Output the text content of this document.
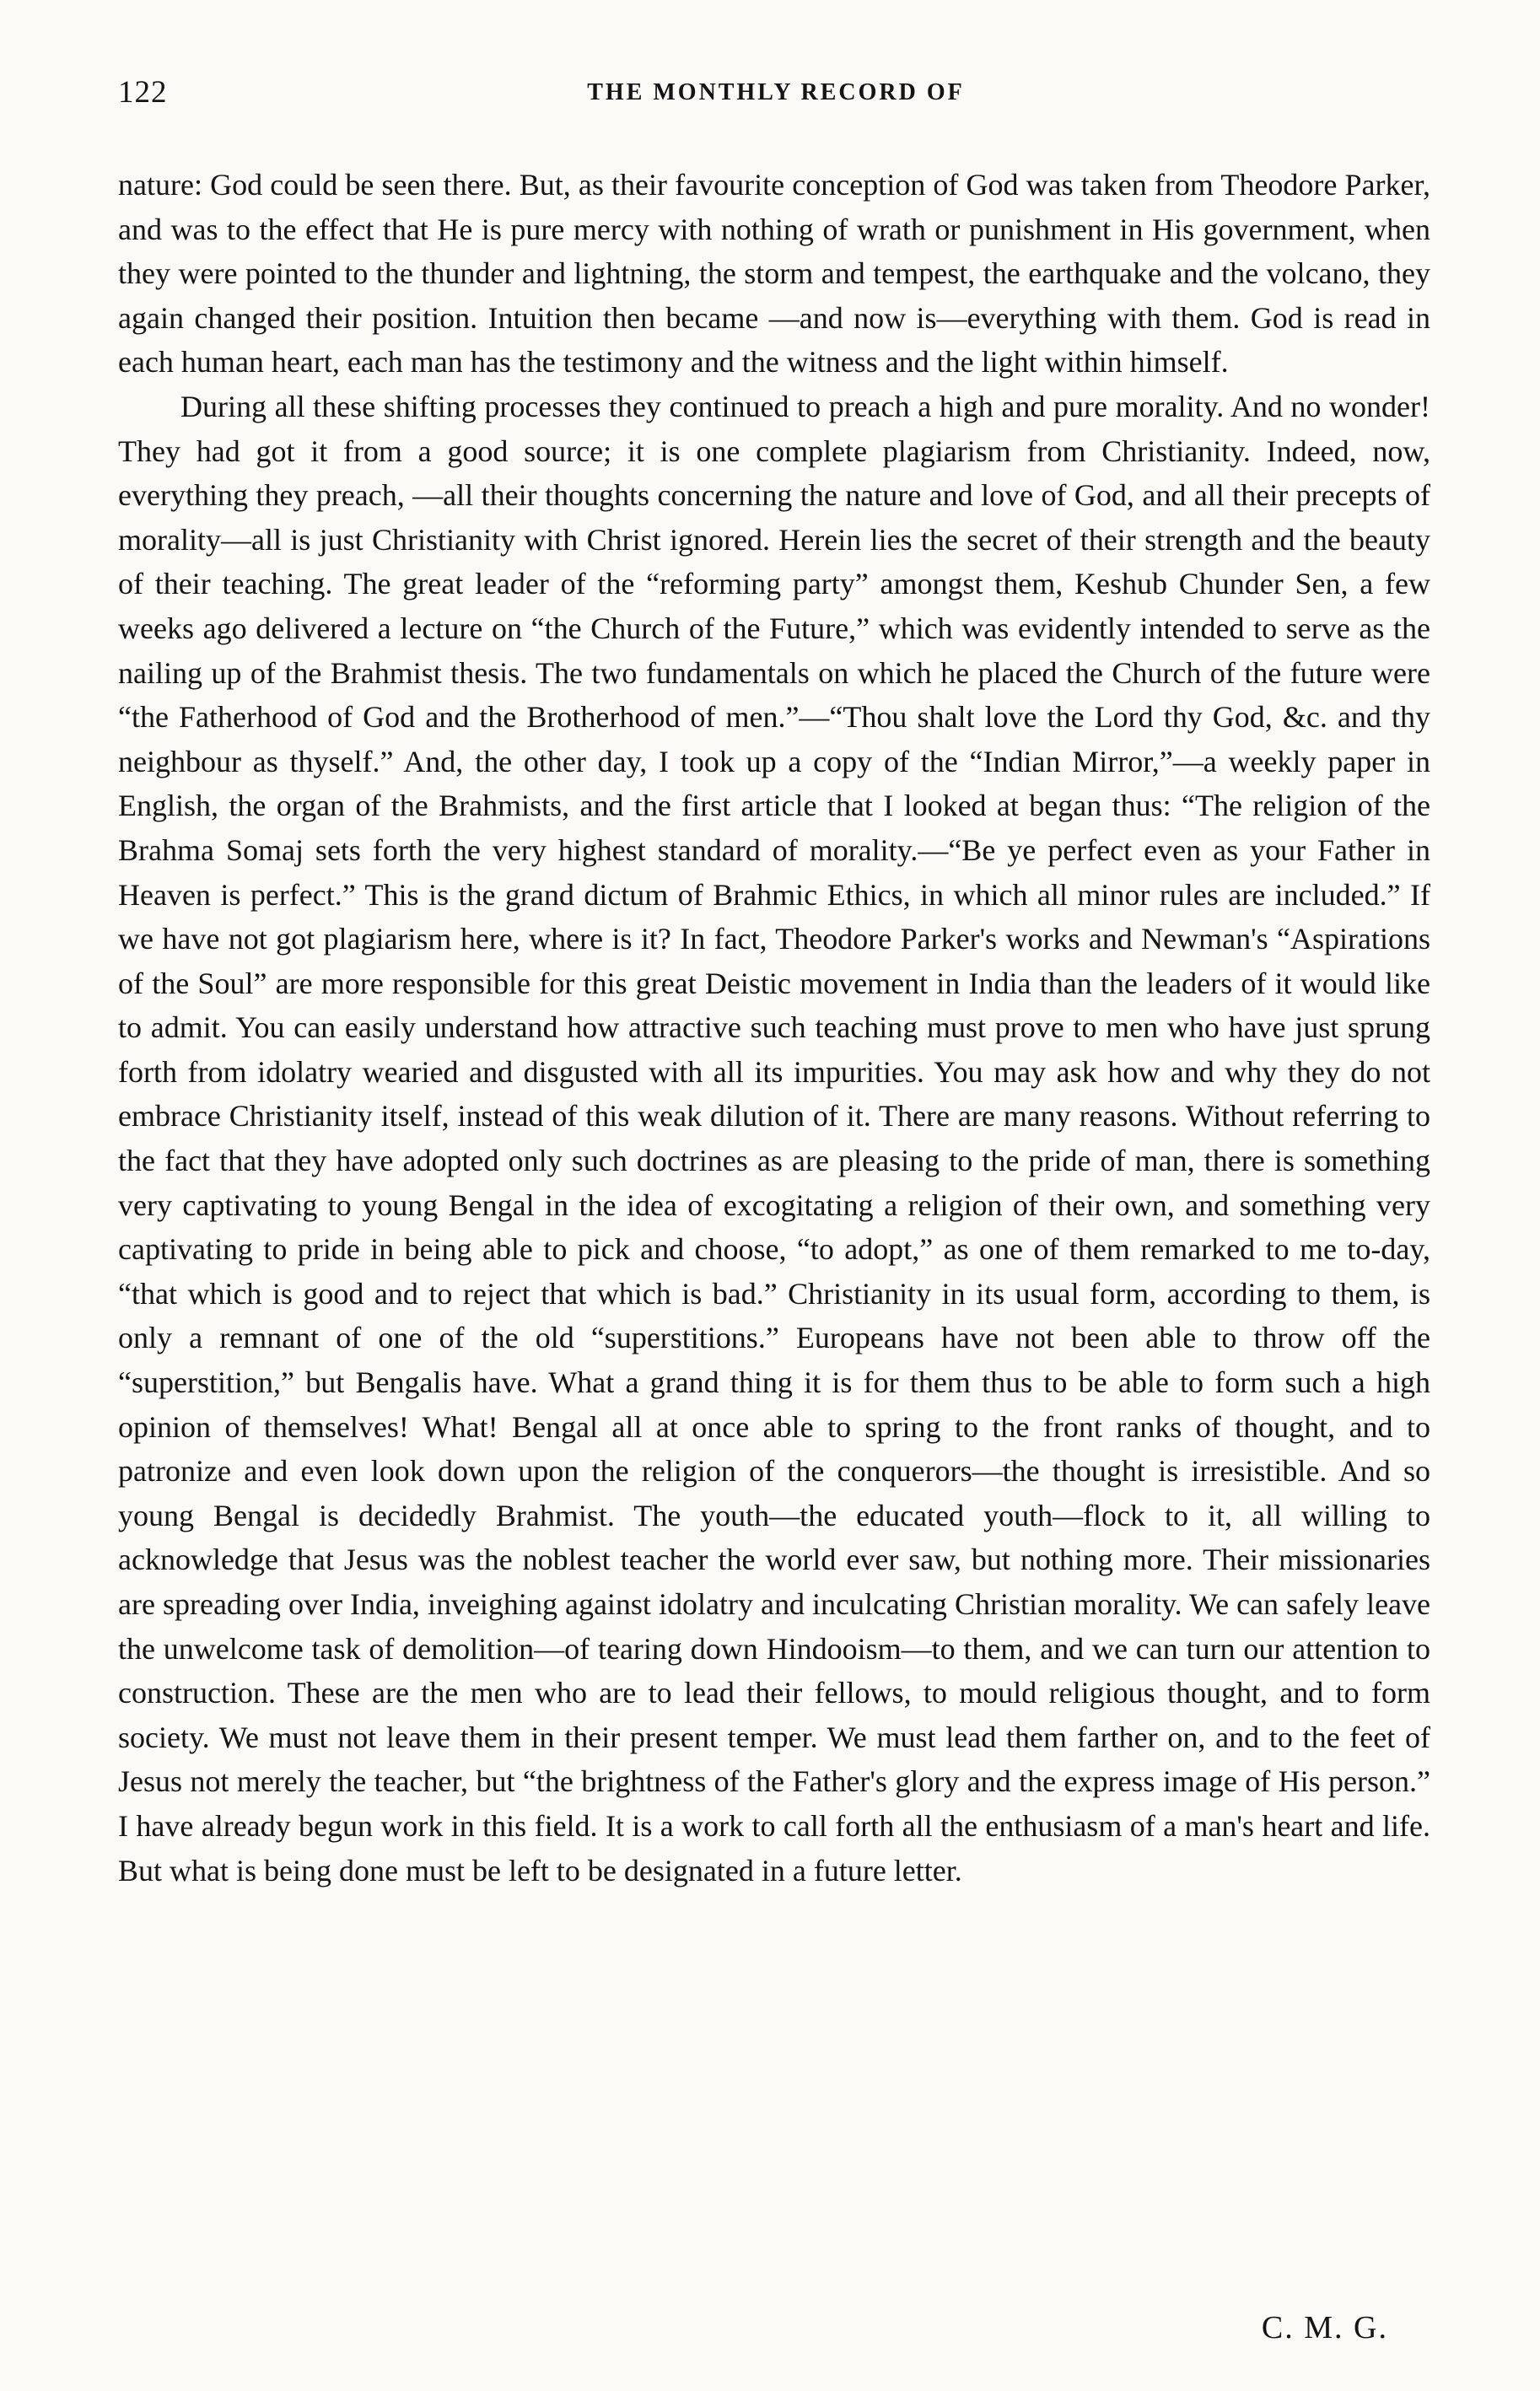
122	THE MONTHLY RECORD OF

nature: God could be seen there. But, as their favourite conception of God was taken from Theodore Parker, and was to the effect that He is pure mercy with nothing of wrath or punishment in His government, when they were pointed to the thunder and lightning, the storm and tempest, the earthquake and the volcano, they again changed their position. Intuition then became —and now is—everything with them. God is read in each human heart, each man has the testimony and the witness and the light within himself.

During all these shifting processes they continued to preach a high and pure morality. And no wonder! They had got it from a good source; it is one complete plagiarism from Christianity. Indeed, now, everything they preach, —all their thoughts concerning the nature and love of God, and all their precepts of morality—all is just Christianity with Christ ignored. Herein lies the secret of their strength and the beauty of their teaching. The great leader of the “reforming party” amongst them, Keshub Chunder Sen, a few weeks ago delivered a lecture on “the Church of the Future,” which was evidently intended to serve as the nailing up of the Brahmist thesis. The two fundamentals on which he placed the Church of the future were “the Fatherhood of God and the Brotherhood of men.”—“Thou shalt love the Lord thy God, &c. and thy neighbour as thyself.” And, the other day, I took up a copy of the “Indian Mirror,”—a weekly paper in English, the organ of the Brahmists, and the first article that I looked at began thus: “The religion of the Brahma Somaj sets forth the very highest standard of morality.—“Be ye perfect even as your Father in Heaven is perfect.” This is the grand dictum of Brahmic Ethics, in which all minor rules are included.” If we have not got plagiarism here, where is it? In fact, Theodore Parker's works and Newman's “Aspirations of the Soul” are more responsible for this great Deistic movement in India than the leaders of it would like to admit. You can easily understand how attractive such teaching must prove to men who have just sprung forth from idolatry wearied and disgusted with all its impurities. You may ask how and why they do not embrace Christianity itself, instead of this weak dilution of it. There are many reasons. Without referring to the fact that they have adopted only such doctrines as are pleasing to the pride of man, there is something very captivating to young Bengal in the idea of excogitating a religion of their own, and something very captivating to pride in being able to pick and choose, “to adopt,” as one of them remarked to me to-day, “that which is good and to reject that which is bad.” Christianity in its usual form, according to them, is only a remnant of one of the old “superstitions.” Europeans have not been able to throw off the “superstition,” but Bengalis have. What a grand thing it is for them thus to be able to form such a high opinion of themselves! What! Bengal all at once able to spring to the front ranks of thought, and to patronize and even look down upon the religion of the conquerors—the thought is irresistible. And so young Bengal is decidedly Brahmist. The youth—the educated youth—flock to it, all willing to acknowledge that Jesus was the noblest teacher the world ever saw, but nothing more. Their missionaries are spreading over India, inveighing against idolatry and inculcating Christian morality. We can safely leave the unwelcome task of demolition—of tearing down Hindooism—to them, and we can turn our attention to construction. These are the men who are to lead their fellows, to mould religious thought, and to form society. We must not leave them in their present temper. We must lead them farther on, and to the feet of Jesus not merely the teacher, but “the brightness of the Father's glory and the express image of His person.” I have already begun work in this field. It is a work to call forth all the enthusiasm of a man's heart and life. But what is being done must be left to be designated in a future letter.

C. M. G.
